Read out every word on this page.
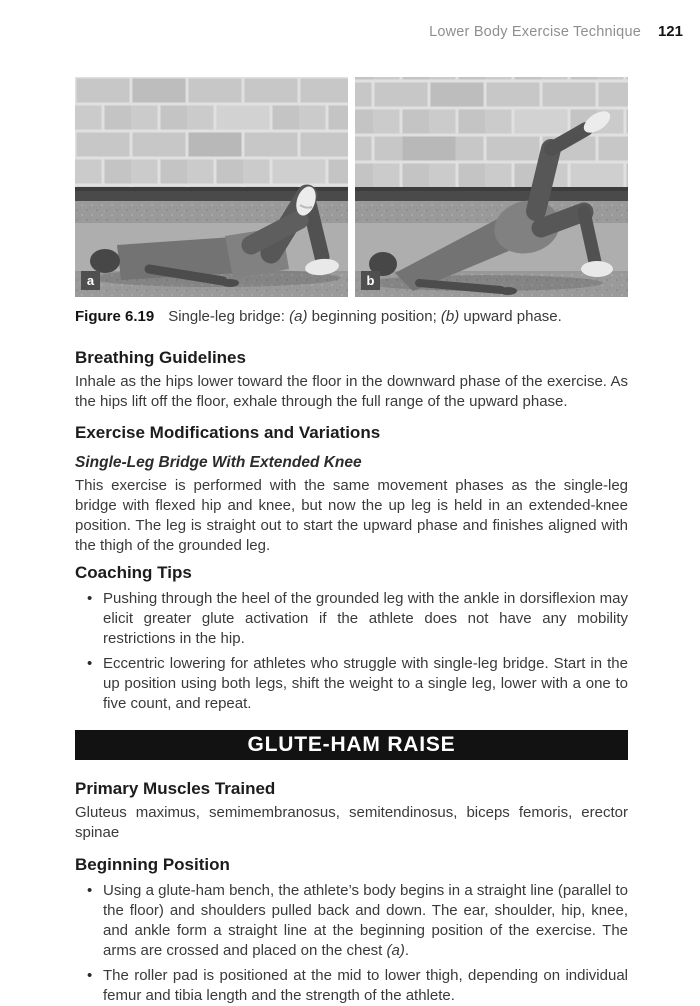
Lower Body Exercise Technique 121
a	b
Figure 6.19 Single-leg bridge: (a) beginning position; (b) upward phase.
Breathing Guidelines

Inhale as the hips lower toward the floor in the downward phase of the exercise. As the hips lift off the floor, exhale through the full range of the upward phase.

Exercise Modifications and Variations
Single-Leg Bridge With Extended Knee

This exercise is performed with the same movement phases as the single-leg bridge with flexed hip and knee, but now the up leg is held in an extended-knee position. The leg is straight out to start the upward phase and finishes aligned with the thigh of the grounded leg.

Coaching Tips
• Pushing through the heel of the grounded leg with the ankle in dorsiflexion may elicit greater glute activation if the athlete does not have any mobility restrictions in the hip.
• Eccentric lowering for athletes who struggle with single-leg bridge. Start in the up position using both legs, shift the weight to a single leg, lower with a one to five count, and repeat.
GLUTE-HAM RAISE
Primary Muscles Trained

Gluteus maximus, semimembranosus, semitendinosus, biceps femoris, erector spinae

Beginning Position
• Using a glute-ham bench, the athlete’s body begins in a straight line (parallel to the floor) and shoulders pulled back and down. The ear, shoulder, hip, knee, and ankle form a straight line at the beginning position of the exercise. The arms are crossed and placed on the chest (a).
• The roller pad is positioned at the mid to lower thigh, depending on individual femur and tibia length and the strength of the athlete.
